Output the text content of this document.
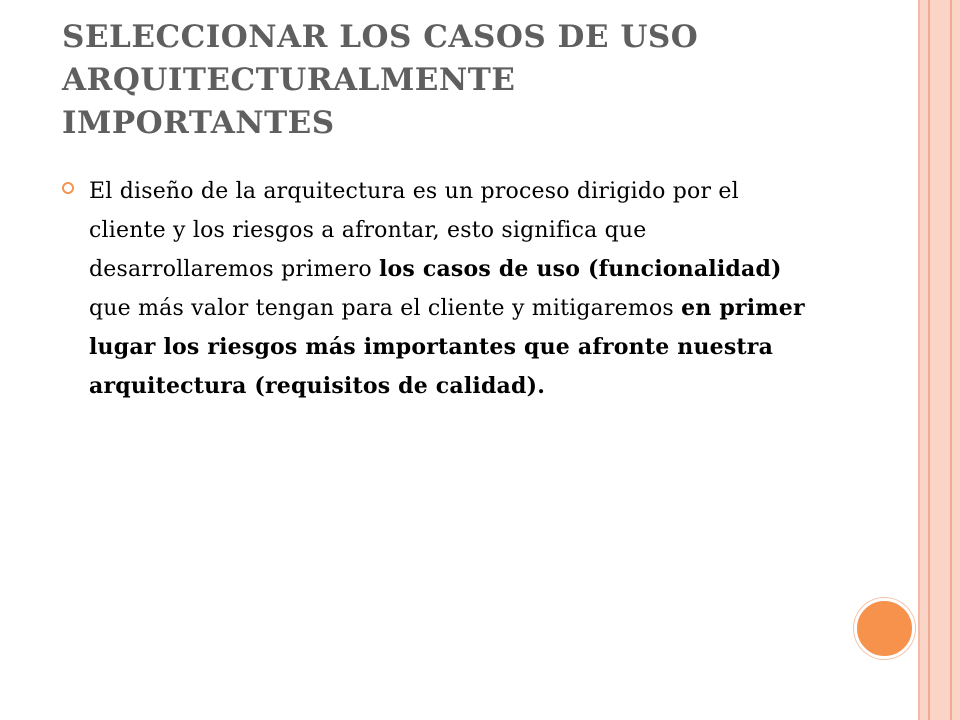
SELECCIONAR LOS CASOS DE USO
ARQUITECTURALMENTE
IMPORTANTES

El diseño de la arquitectura es un proceso dirigido por el cliente y los riesgos a afrontar, esto significa que desarrollaremos primero los casos de uso (funcionalidad) que más valor tengan para el cliente y mitigaremos en primer lugar los riesgos más importantes que afronte nuestra arquitectura (requisitos de calidad).
